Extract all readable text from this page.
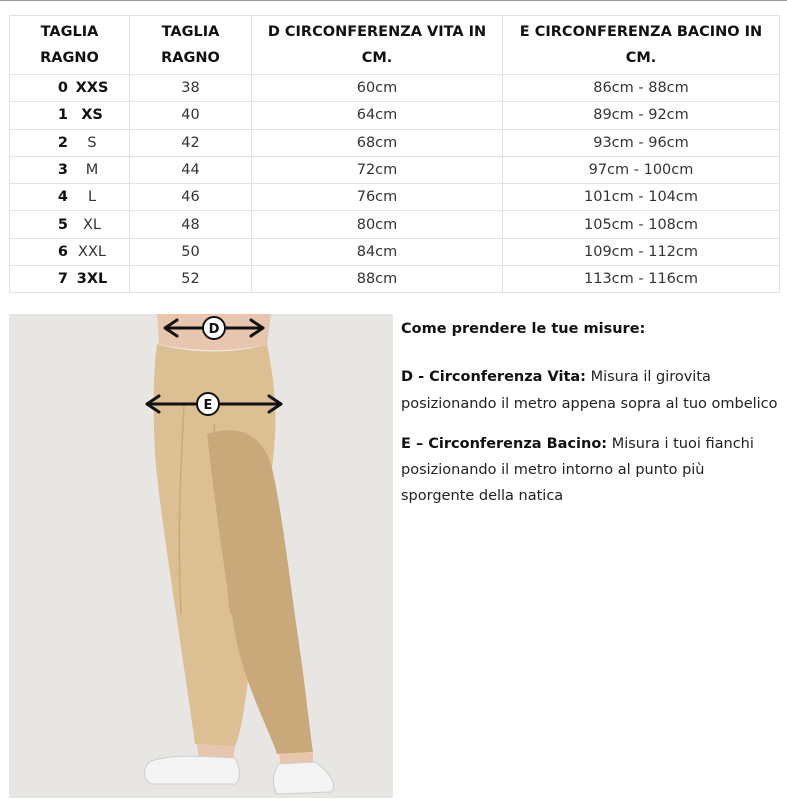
TAGLIA RAGNO	TAGLIA RAGNO	D CIRCONFERENZA VITA IN CM.	E CIRCONFERENZA BACINO IN CM.
0 XXS	38	60cm	86cm - 88cm
1 XS	40	64cm	89cm - 92cm
2 S	42	68cm	93cm - 96cm
3 M	44	72cm	97cm - 100cm
4 L	46	76cm	101cm - 104cm
5 XL	48	80cm	105cm - 108cm
6 XXL	50	84cm	109cm - 112cm
7 3XL	52	88cm	113cm - 116cm
D
E

Come prendere le tue misure:

D - Circonferenza Vita: Misura il girovita posizionando il metro appena sopra al tuo ombelico

E – Circonferenza Bacino: Misura i tuoi fianchi posizionando il metro intorno al punto più sporgente della natica
